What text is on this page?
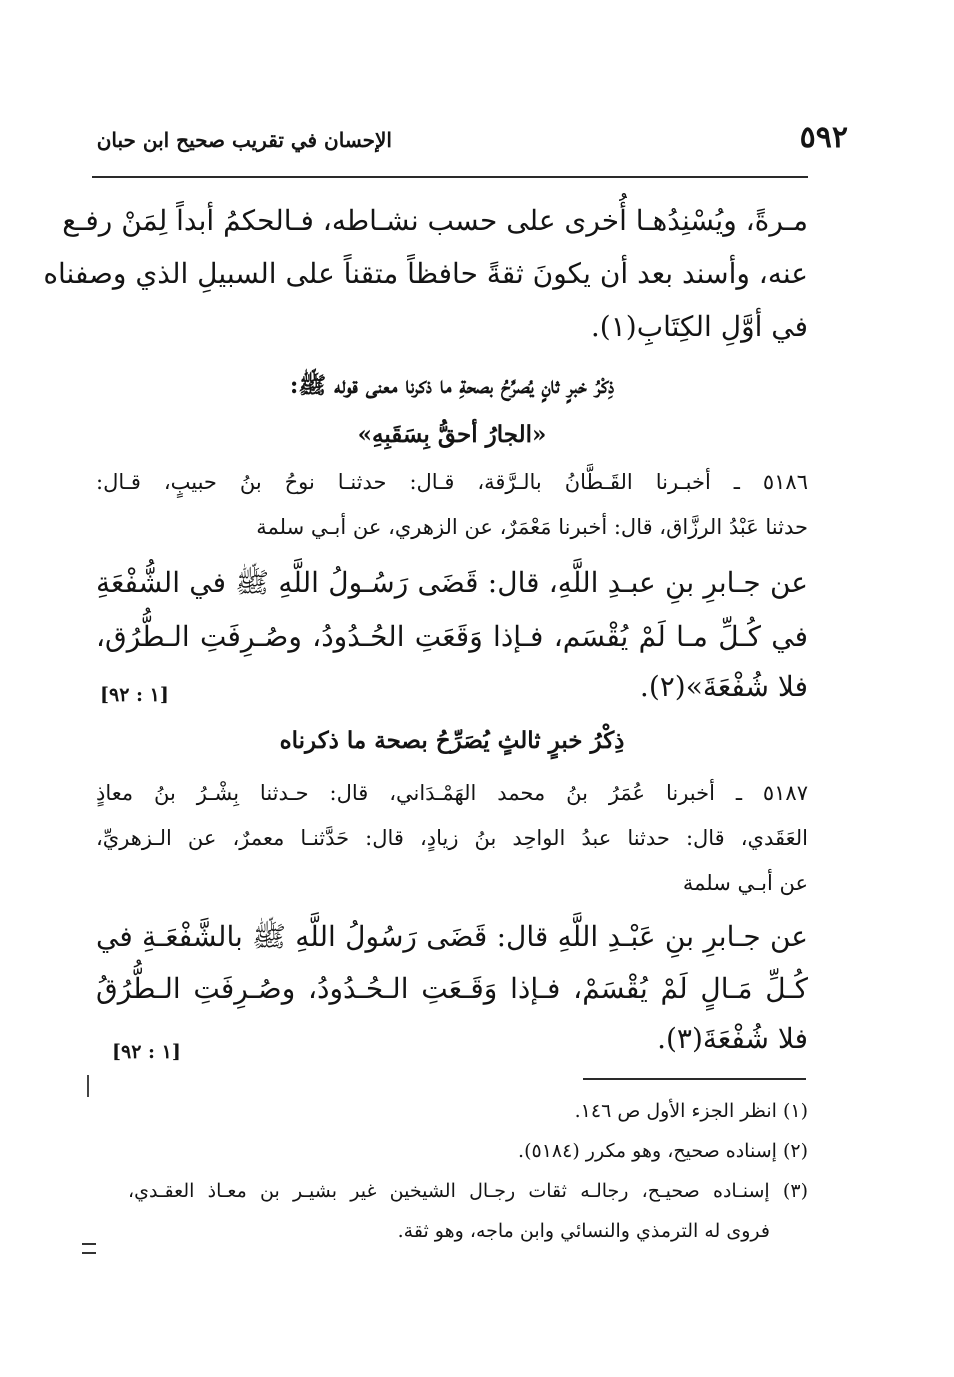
٥٩٢
الإحسان في تقريب صحيح ابن حبان
مـرةً، ويُسْنِدُهـا أُخرى على حسب نشـاطه، فـالحكمُ أبداً لِمَنْ رفـع
عنه، وأسند بعد أن يكونَ ثقةً حافظاً متقناً على السبيلِ الذي وصفناه
في أوَّلِ الكِتَابِ(١).
ذِكْرُ خبرٍ ثانٍ يُصرِّحُ بصحةِ ما ذكرنا معنى قوله ﷺ:
«الجارُ أحقُّ بِسَقَبِهِ»
٥١٨٦ ـ أخبـرنا القَـطَّانُ بالـرَّقة، قـال: حدثنـا نوحُ بنُ حبيبٍ، قـال:
حدثنا عَبْدُ الرزَّاق، قال: أخبرنا مَعْمَرٌ، عن الزهري، عن أبـي سلمة
عن جـابرِ بنِ عبـدِ اللَّهِ، قال: قَضَى رَسُـولُ اللَّهِ ﷺ في الشُّفْعَةِ
في كُـلِّ مـا لَمْ يُقْسَم، فـإذا وَقَعَتِ الحُـدُودُ، وصُـرِفَتِ الـطُّرُق،
فلا شُفْعَةَ»(٢).
[١ : ٩٢]
ذِكْرُ خبرٍ ثالثٍ يُصَرِّحُ بصحة ما ذكرناه
٥١٨٧ ـ أخبرنا عُمَرُ بنُ محمد الهَمْـدَاني، قال: حـدثنا بِشْـرُ بنُ معاذٍ
العَقَدي، قال: حدثنا عبدُ الواحِد بنُ زيادٍ، قال: حَدَّثنـا معمرٌ، عن الـزهريِّ،
عن أبـي سلمة
عن جـابرِ بنِ عَبْـدِ اللَّهِ قال: قَضَى رَسُولُ اللَّهِ ﷺ بالشَّفْعَـةِ في
كُـلِّ مَـالٍ لَمْ يُقْسَمْ، فـإذا وَقَـعَتِ الـحُـدُودُ، وصُـرِفَتِ الـطُّرُقُ
فلا شُفْعَةَ(٣).
[١ : ٩٢]
(١) انظر الجزء الأول ص ١٤٦.
(٢) إسناده صحيح، وهو مكرر (٥١٨٤).
(٣) إسنـاده صحيـح، رجالـه ثقات رجـال الشيخين غير بشيـر بن معـاذ العقـدي،
فروى له الترمذي والنسائي وابن ماجه، وهو ثقة.
